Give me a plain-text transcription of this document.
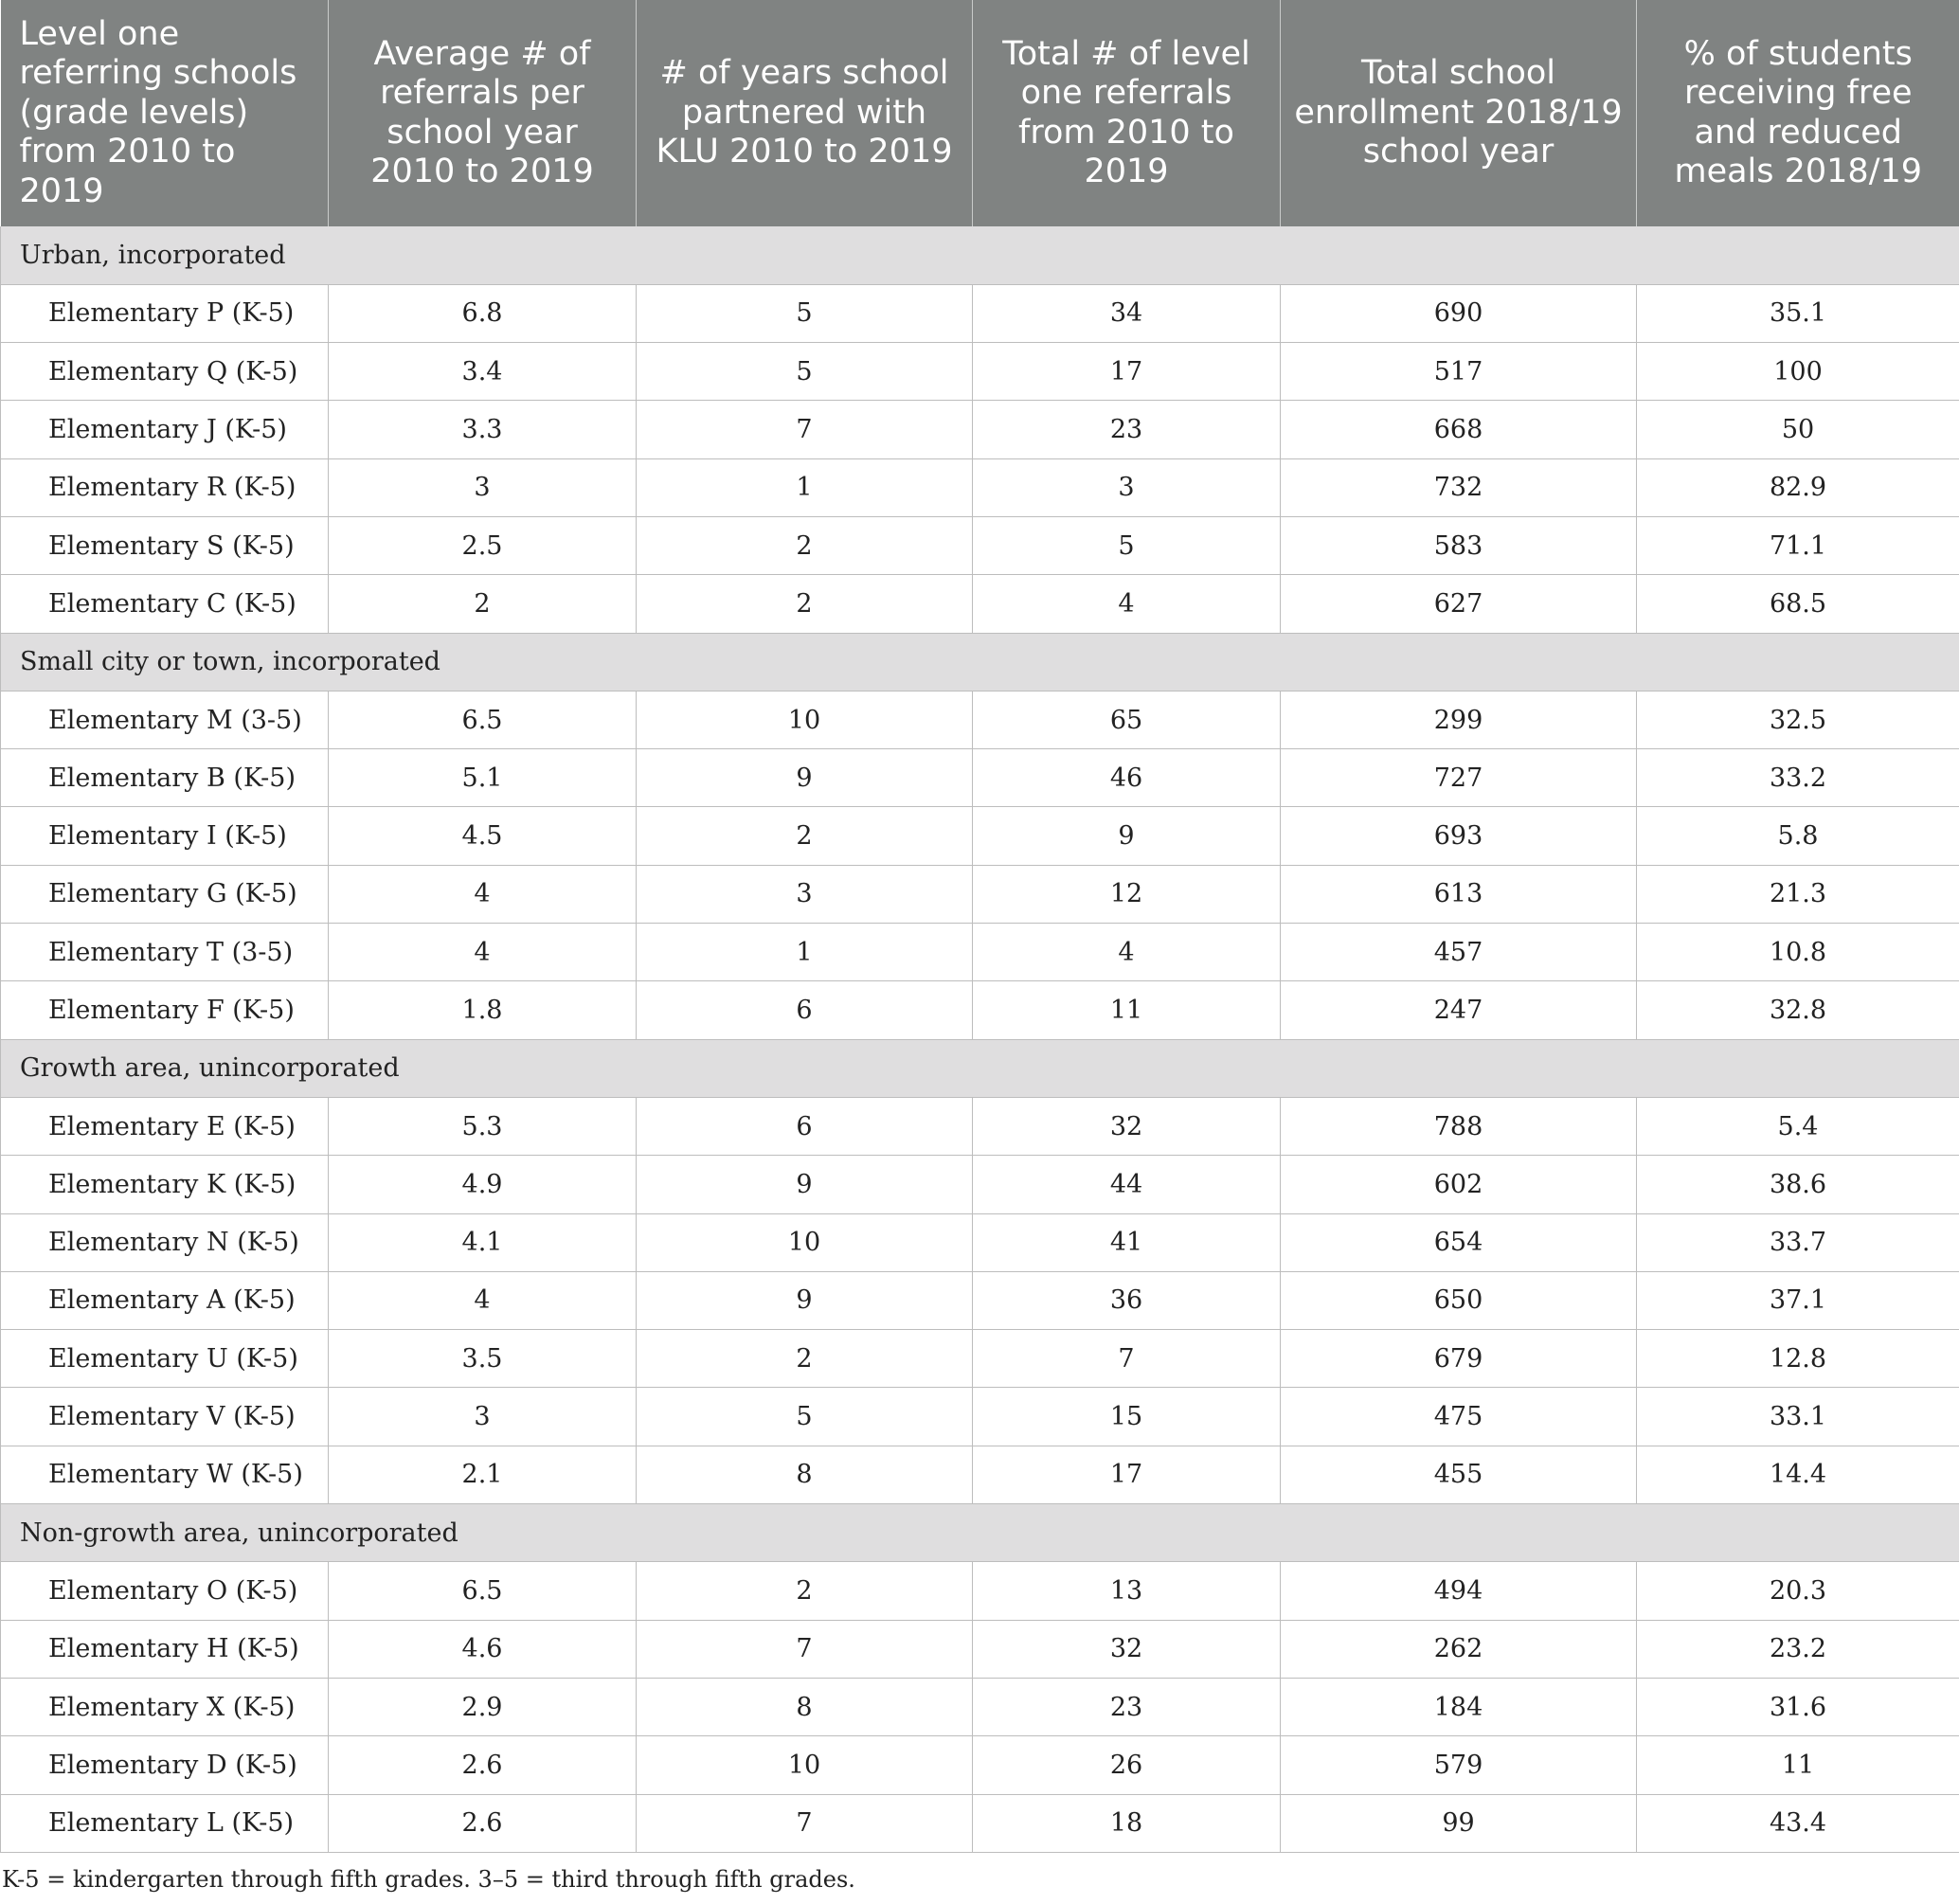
Level one referring schools (grade levels) from 2010 to 2019	Average # of referrals per school year 2010 to 2019	# of years school partnered with KLU 2010 to 2019	Total # of level one referrals from 2010 to 2019	Total school enrollment 2018/19 school year	% of students receiving free and reduced meals 2018/19
Urban, incorporated					
Elementary P (K-5)	6.8	5	34	690	35.1
Elementary Q (K-5)	3.4	5	17	517	100
Elementary J (K-5)	3.3	7	23	668	50
Elementary R (K-5)	3	1	3	732	82.9
Elementary S (K-5)	2.5	2	5	583	71.1
Elementary C (K-5)	2	2	4	627	68.5
Small city or town, incorporated					
Elementary M (3-5)	6.5	10	65	299	32.5
Elementary B (K-5)	5.1	9	46	727	33.2
Elementary I (K-5)	4.5	2	9	693	5.8
Elementary G (K-5)	4	3	12	613	21.3
Elementary T (3-5)	4	1	4	457	10.8
Elementary F (K-5)	1.8	6	11	247	32.8
Growth area, unincorporated					
Elementary E (K-5)	5.3	6	32	788	5.4
Elementary K (K-5)	4.9	9	44	602	38.6
Elementary N (K-5)	4.1	10	41	654	33.7
Elementary A (K-5)	4	9	36	650	37.1
Elementary U (K-5)	3.5	2	7	679	12.8
Elementary V (K-5)	3	5	15	475	33.1
Elementary W (K-5)	2.1	8	17	455	14.4
Non-growth area, unincorporated					
Elementary O (K-5)	6.5	2	13	494	20.3
Elementary H (K-5)	4.6	7	32	262	23.2
Elementary X (K-5)	2.9	8	23	184	31.6
Elementary D (K-5)	2.6	10	26	579	11
Elementary L (K-5)	2.6	7	18	99	43.4
K-5 = kindergarten through fifth grades. 3–5 = third through fifth grades.
